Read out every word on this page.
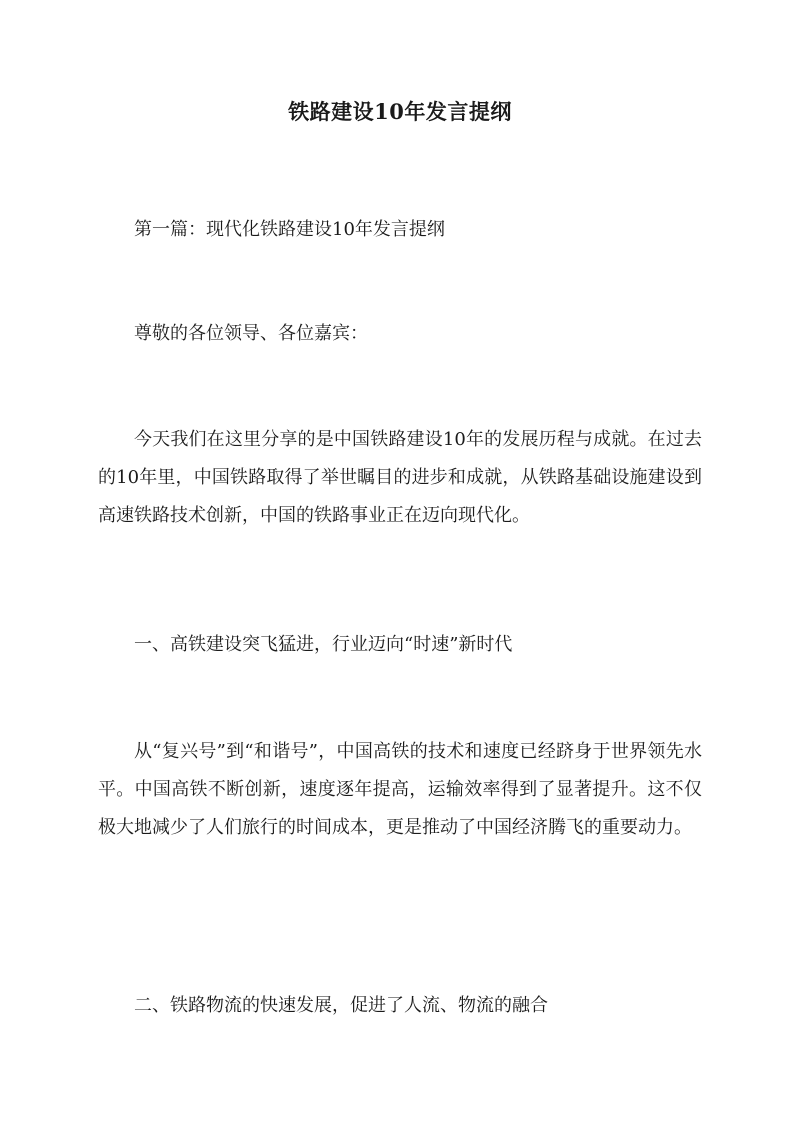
铁路建设10年发言提纲

第一篇：现代化铁路建设10年发言提纲

尊敬的各位领导、各位嘉宾：

今天我们在这里分享的是中国铁路建设10年的发展历程与成就。在过去的10年里，中国铁路取得了举世瞩目的进步和成就，从铁路基础设施建设到高速铁路技术创新，中国的铁路事业正在迈向现代化。

一、高铁建设突飞猛进，行业迈向“时速”新时代

从“复兴号”到“和谐号”，中国高铁的技术和速度已经跻身于世界领先水平。中国高铁不断创新，速度逐年提高，运输效率得到了显著提升。这不仅极大地减少了人们旅行的时间成本，更是推动了中国经济腾飞的重要动力。

二、铁路物流的快速发展，促进了人流、物流的融合
